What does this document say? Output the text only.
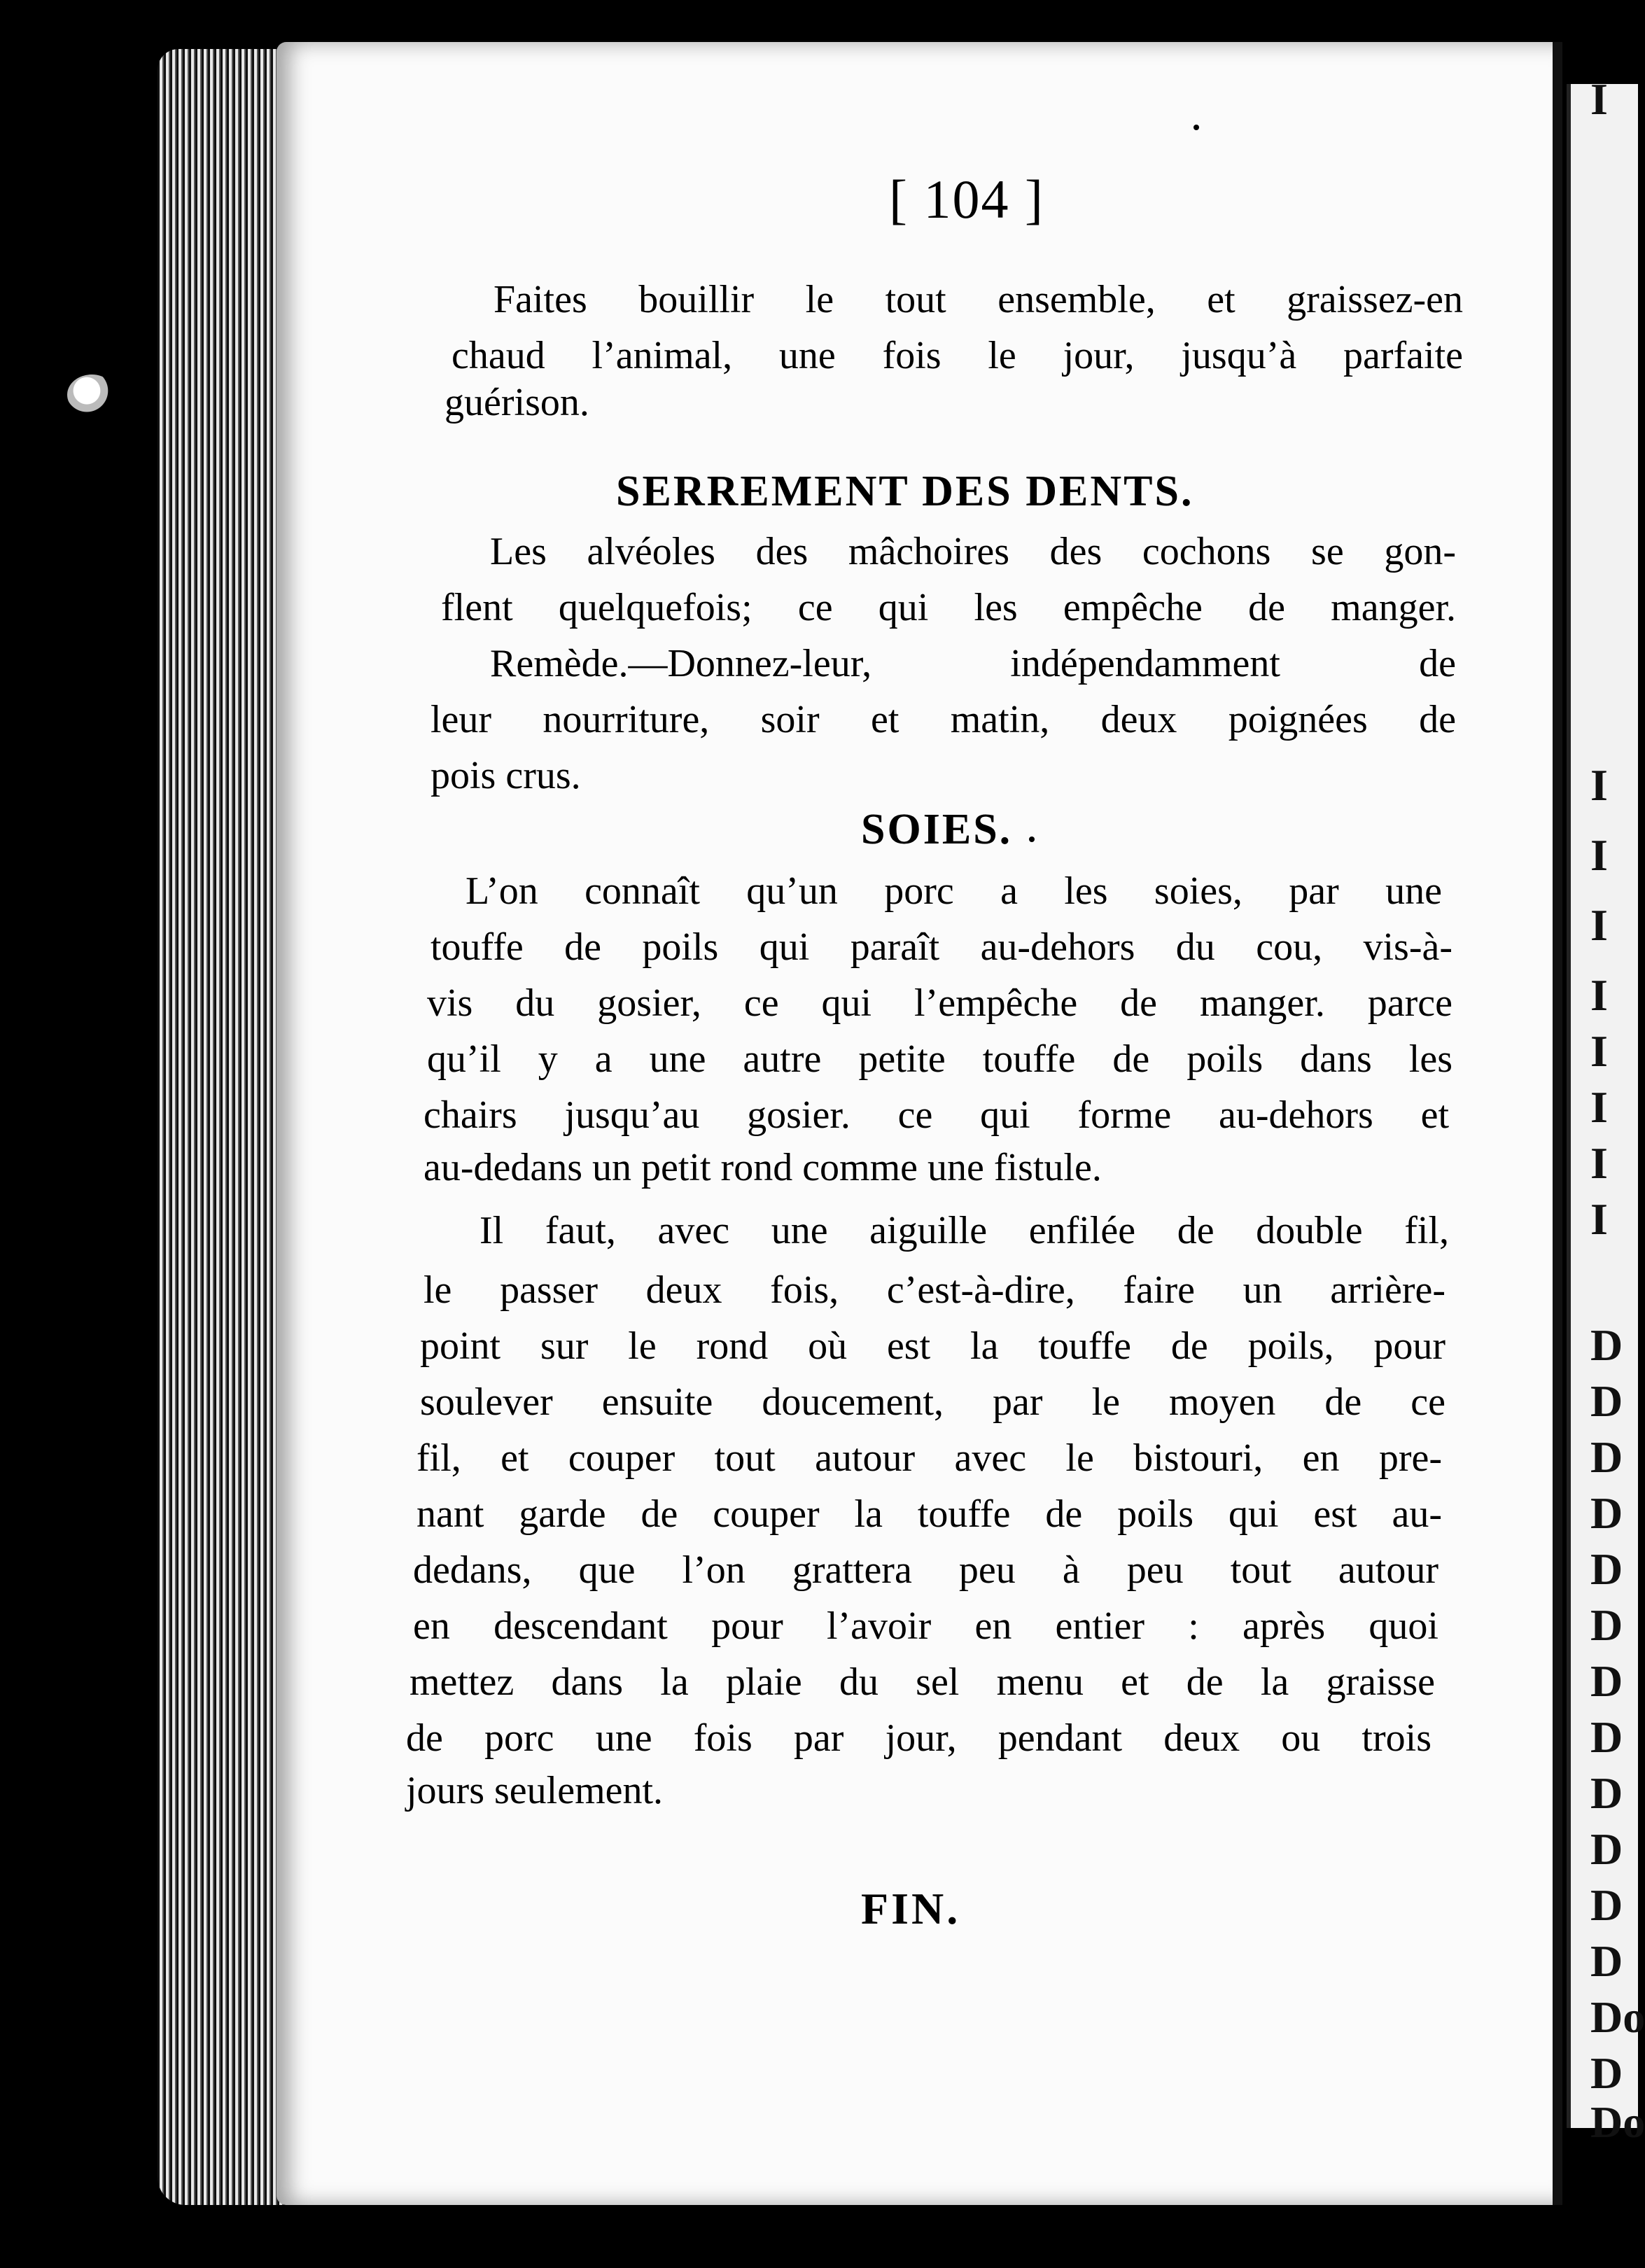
I
I
I
I
I
I
I
I
I
D
D
D
D
D
D
D
D
D
D
D
D
Do
D
Do
[ 104 ]
Faites bouillir le tout ensemble, et graissez-en
chaud l’animal, une fois le jour, jusqu’à parfaite
guérison.
SERREMENT DES DENTS.
Les alvéoles des mâchoires des cochons se gon-
flent quelquefois; ce qui les empêche de manger.
Remède.—Donnez-leur, indépendamment de
leur nourriture, soir et matin, deux poignées de
pois crus.
SOIES.
L’on connaît qu’un porc a les soies, par une
touffe de poils qui paraît au-dehors du cou, vis-à-
vis du gosier, ce qui l’empêche de manger. parce
qu’il y a une autre petite touffe de poils dans les
chairs jusqu’au gosier. ce qui forme au-dehors et
au-dedans un petit rond comme une fistule.
Il faut, avec une aiguille enfilée de double fil,
le passer deux fois, c’est-à-dire, faire un arrière-
point sur le rond où est la touffe de poils, pour
soulever ensuite doucement, par le moyen de ce
fil, et couper tout autour avec le bistouri, en pre-
nant garde de couper la touffe de poils qui est au-
dedans, que l’on grattera peu à peu tout autour
en descendant pour l’avoir en entier : après quoi
mettez dans la plaie du sel menu et de la graisse
de porc une fois par jour, pendant deux ou trois
jours seulement.
FIN.
